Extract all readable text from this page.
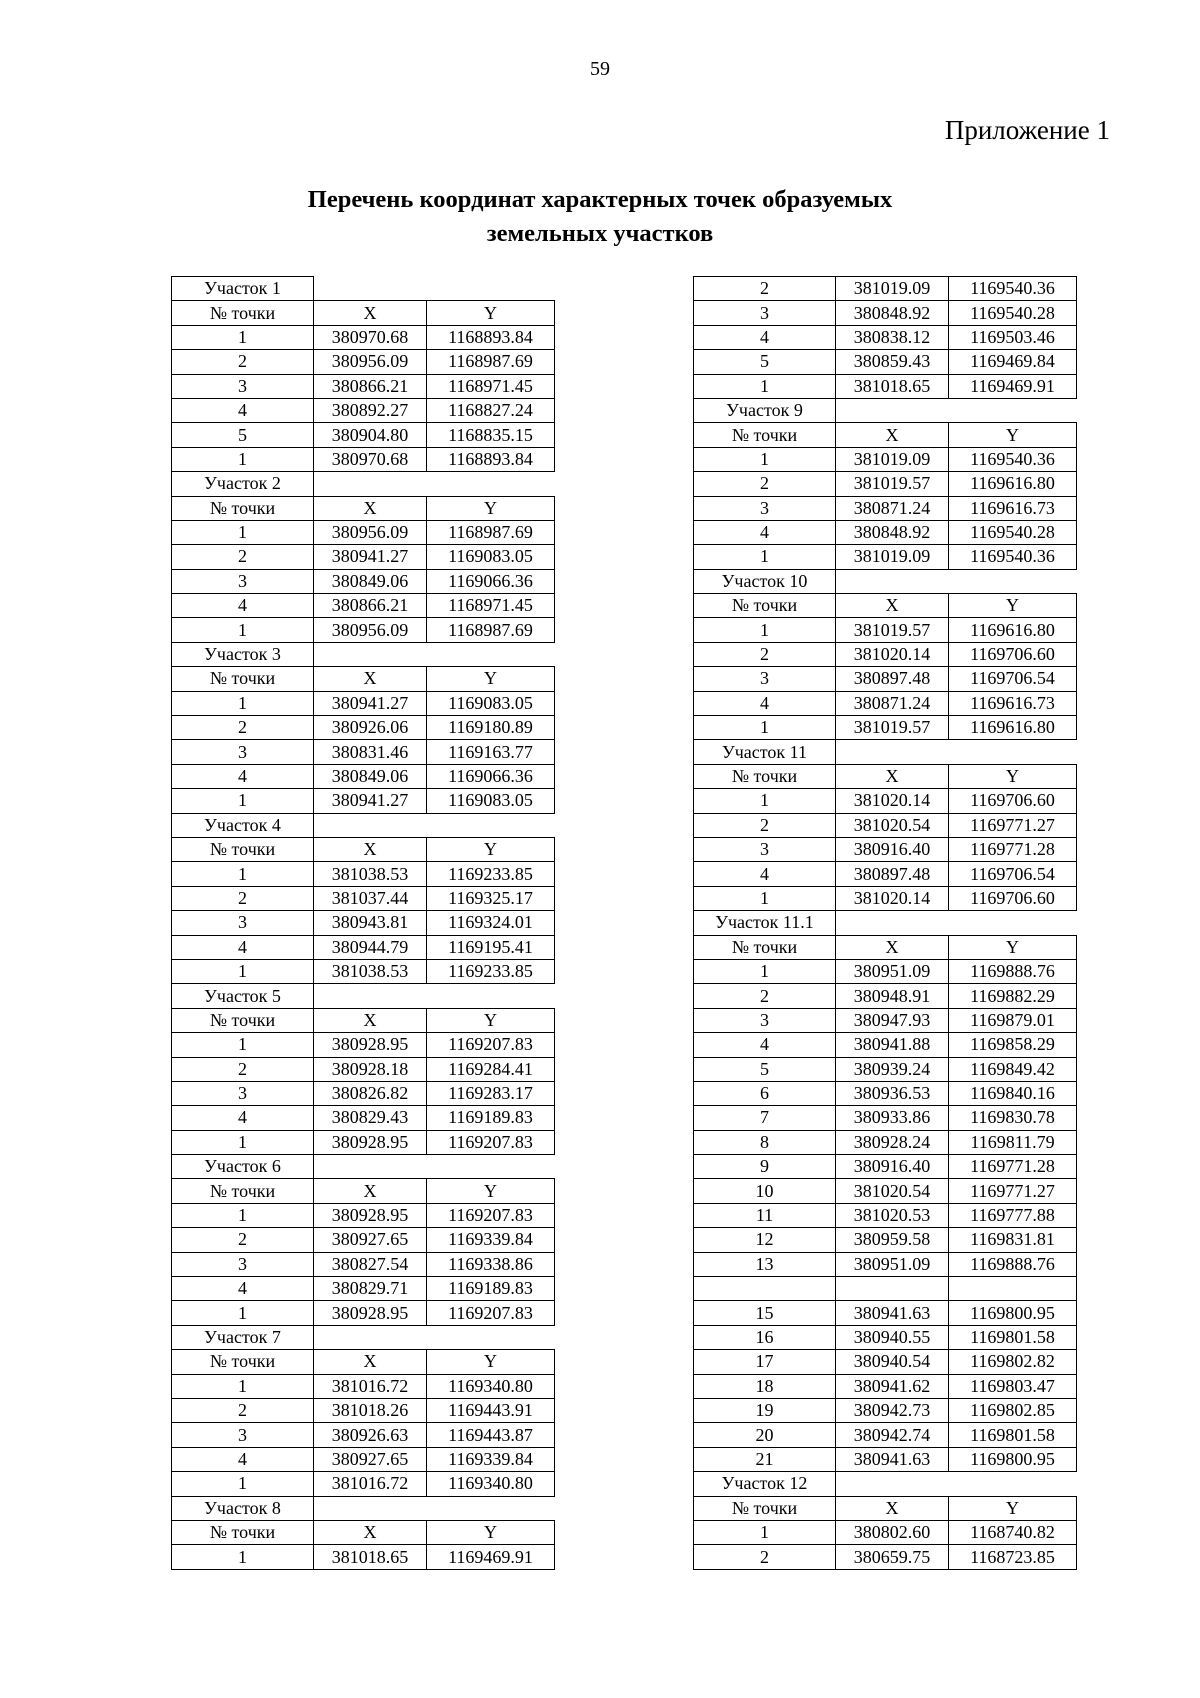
59
Приложение 1
Перечень координат характерных точек образуемых
земельных участков
Участок 1		
№ точки	X	Y
1	380970.68	1168893.84
2	380956.09	1168987.69
3	380866.21	1168971.45
4	380892.27	1168827.24
5	380904.80	1168835.15
1	380970.68	1168893.84
Участок 2		
№ точки	X	Y
1	380956.09	1168987.69
2	380941.27	1169083.05
3	380849.06	1169066.36
4	380866.21	1168971.45
1	380956.09	1168987.69
Участок 3		
№ точки	X	Y
1	380941.27	1169083.05
2	380926.06	1169180.89
3	380831.46	1169163.77
4	380849.06	1169066.36
1	380941.27	1169083.05
Участок 4		
№ точки	X	Y
1	381038.53	1169233.85
2	381037.44	1169325.17
3	380943.81	1169324.01
4	380944.79	1169195.41
1	381038.53	1169233.85
Участок 5		
№ точки	X	Y
1	380928.95	1169207.83
2	380928.18	1169284.41
3	380826.82	1169283.17
4	380829.43	1169189.83
1	380928.95	1169207.83
Участок 6		
№ точки	X	Y
1	380928.95	1169207.83
2	380927.65	1169339.84
3	380827.54	1169338.86
4	380829.71	1169189.83
1	380928.95	1169207.83
Участок 7		
№ точки	X	Y
1	381016.72	1169340.80
2	381018.26	1169443.91
3	380926.63	1169443.87
4	380927.65	1169339.84
1	381016.72	1169340.80
Участок 8		
№ точки	X	Y
1	381018.65	1169469.91
2	381019.09	1169540.36
3	380848.92	1169540.28
4	380838.12	1169503.46
5	380859.43	1169469.84
1	381018.65	1169469.91
Участок 9		
№ точки	X	Y
1	381019.09	1169540.36
2	381019.57	1169616.80
3	380871.24	1169616.73
4	380848.92	1169540.28
1	381019.09	1169540.36
Участок 10		
№ точки	X	Y
1	381019.57	1169616.80
2	381020.14	1169706.60
3	380897.48	1169706.54
4	380871.24	1169616.73
1	381019.57	1169616.80
Участок 11		
№ точки	X	Y
1	381020.14	1169706.60
2	381020.54	1169771.27
3	380916.40	1169771.28
4	380897.48	1169706.54
1	381020.14	1169706.60
Участок 11.1		
№ точки	X	Y
1	380951.09	1169888.76
2	380948.91	1169882.29
3	380947.93	1169879.01
4	380941.88	1169858.29
5	380939.24	1169849.42
6	380936.53	1169840.16
7	380933.86	1169830.78
8	380928.24	1169811.79
9	380916.40	1169771.28
10	381020.54	1169771.27
11	381020.53	1169777.88
12	380959.58	1169831.81
13	380951.09	1169888.76

15	380941.63	1169800.95
16	380940.55	1169801.58
17	380940.54	1169802.82
18	380941.62	1169803.47
19	380942.73	1169802.85
20	380942.74	1169801.58
21	380941.63	1169800.95
Участок 12		
№ точки	X	Y
1	380802.60	1168740.82
2	380659.75	1168723.85
